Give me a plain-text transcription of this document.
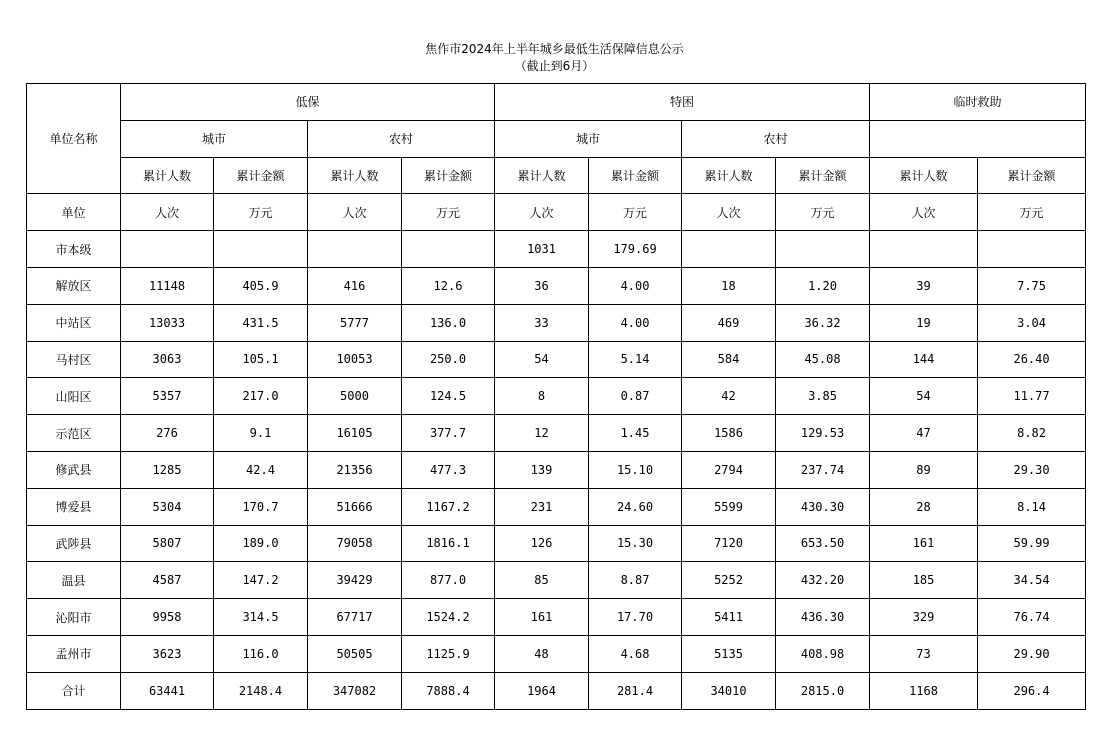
焦作市2024年上半年城乡最低生活保障信息公示
（截止到6月）
单位名称	低保				特困				临时救助	
	城市		农村		城市		农村			
	累计人数	累计金额	累计人数	累计金额	累计人数	累计金额	累计人数	累计金额	累计人数	累计金额
单位	人次	万元	人次	万元	人次	万元	人次	万元	人次	万元
市本级					1031	179.69				
解放区	11148	405.9	416	12.6	36	4.00	18	1.20	39	7.75
中站区	13033	431.5	5777	136.0	33	4.00	469	36.32	19	3.04
马村区	3063	105.1	10053	250.0	54	5.14	584	45.08	144	26.40
山阳区	5357	217.0	5000	124.5	8	0.87	42	3.85	54	11.77
示范区	276	9.1	16105	377.7	12	1.45	1586	129.53	47	8.82
修武县	1285	42.4	21356	477.3	139	15.10	2794	237.74	89	29.30
博爱县	5304	170.7	51666	1167.2	231	24.60	5599	430.30	28	8.14
武陟县	5807	189.0	79058	1816.1	126	15.30	7120	653.50	161	59.99
温县	4587	147.2	39429	877.0	85	8.87	5252	432.20	185	34.54
沁阳市	9958	314.5	67717	1524.2	161	17.70	5411	436.30	329	76.74
孟州市	3623	116.0	50505	1125.9	48	4.68	5135	408.98	73	29.90
合计	63441	2148.4	347082	7888.4	1964	281.4	34010	2815.0	1168	296.4
